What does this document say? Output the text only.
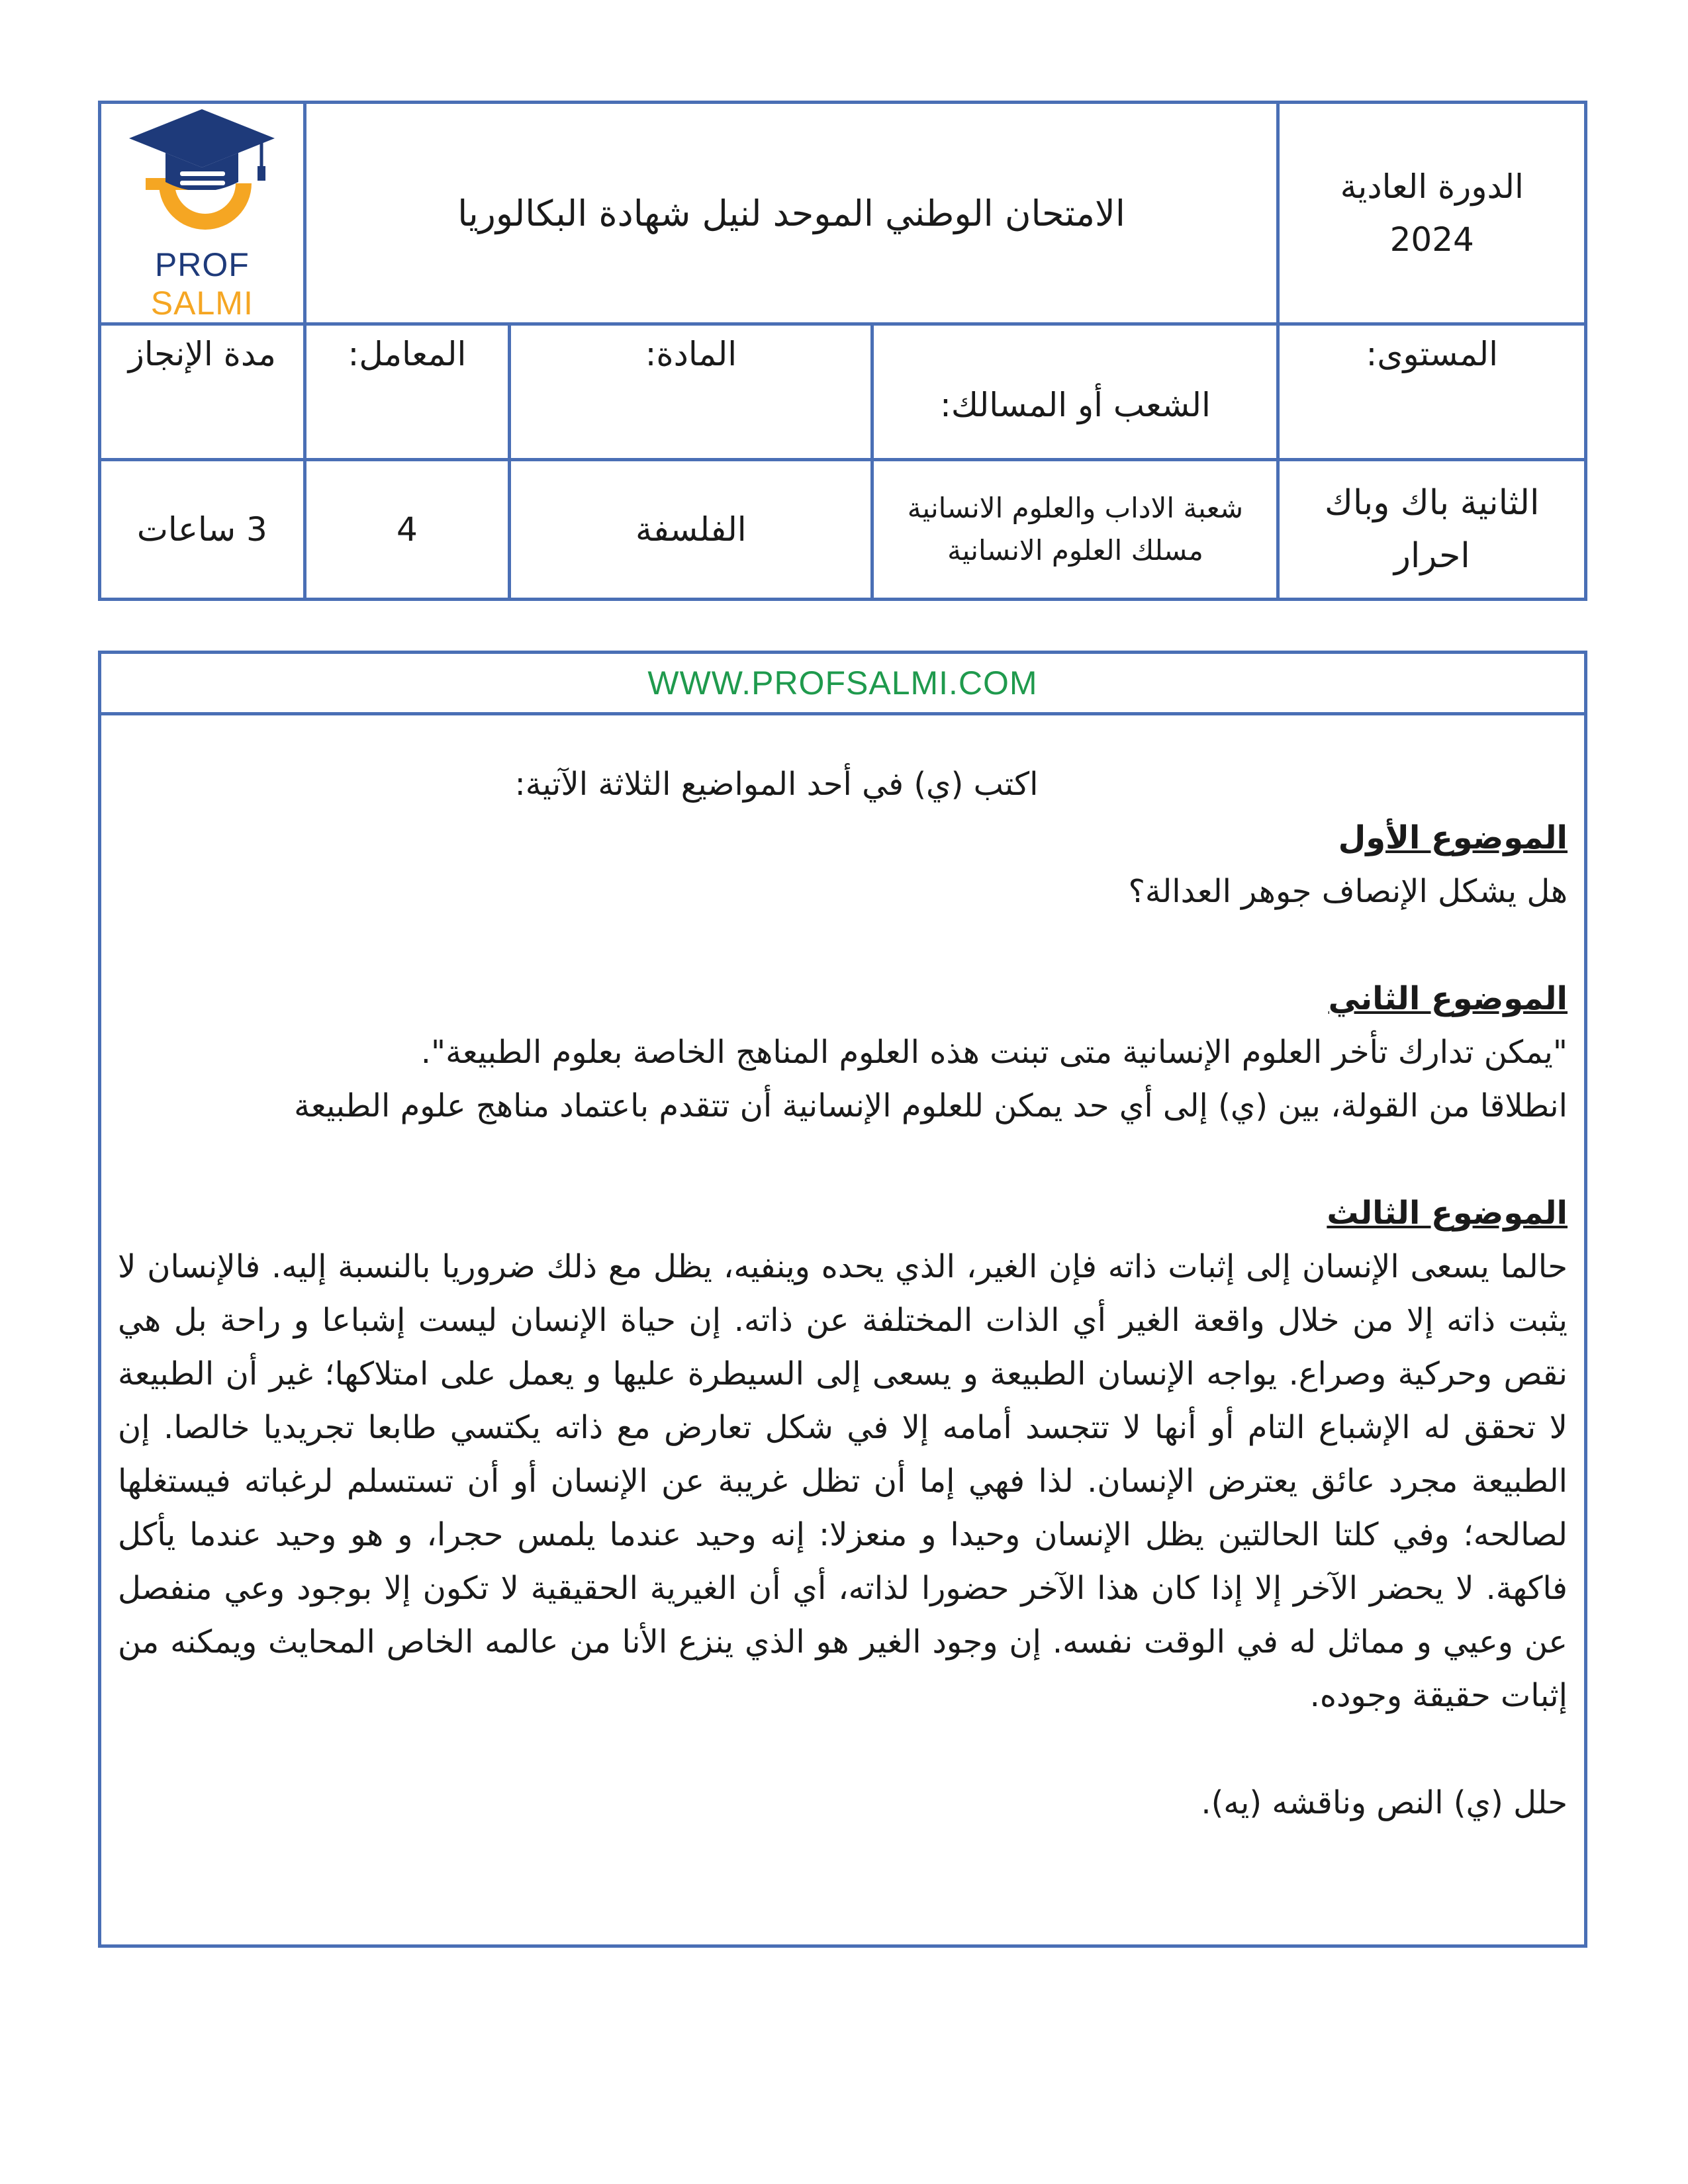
PROF SALMI	الامتحان الوطني الموحد لنيل شهادة البكالوريا			الدورة العادية
2024

مدة الإنجاز	المعامل:	المادة:	الشعب أو المسالك:	المستوى:
3 ساعات	4	الفلسفة	شعبة الاداب والعلوم الانسانية مسلك العلوم الانسانية	الثانية باك وباك احرار
WWW.PROFSALMI.COM

اكتب (ي) في أحد المواضيع الثلاثة الآتية:

الموضوع الأول

هل يشكل الإنصاف جوهر العدالة؟

الموضوع الثاني

"يمكن تدارك تأخر العلوم الإنسانية متى تبنت هذه العلوم المناهج الخاصة بعلوم الطبيعة".

انطلاقا من القولة، بين (ي) إلى أي حد يمكن للعلوم الإنسانية أن تتقدم باعتماد مناهج علوم الطبيعة

الموضوع الثالث

حالما يسعى الإنسان إلى إثبات ذاته فإن الغير، الذي يحده وينفيه، يظل مع ذلك ضروريا بالنسبة إليه. فالإنسان لا يثبت ذاته إلا من خلال واقعة الغير أي الذات المختلفة عن ذاته. إن حياة الإنسان ليست إشباعا و راحة بل هي نقص وحركية وصراع. يواجه الإنسان الطبيعة و يسعى إلى السيطرة عليها و يعمل على امتلاكها؛ غير أن الطبيعة لا تحقق له الإشباع التام أو أنها لا تتجسد أمامه إلا في شكل تعارض مع ذاته يكتسي طابعا تجريديا خالصا. إن الطبيعة مجرد عائق يعترض الإنسان. لذا فهي إما أن تظل غريبة عن الإنسان أو أن تستسلم لرغباته فيستغلها لصالحه؛ وفي كلتا الحالتين يظل الإنسان وحيدا و منعزلا: إنه وحيد عندما يلمس حجرا، و هو وحيد عندما يأكل فاكهة. لا يحضر الآخر إلا إذا كان هذا الآخر حضورا لذاته، أي أن الغيرية الحقيقية لا تكون إلا بوجود وعي منفصل عن وعيي و مماثل له في الوقت نفسه. إن وجود الغير هو الذي ينزع الأنا من عالمه الخاص المحايث ويمكنه من إثبات حقيقة وجوده.

حلل (ي) النص وناقشه (يه).
